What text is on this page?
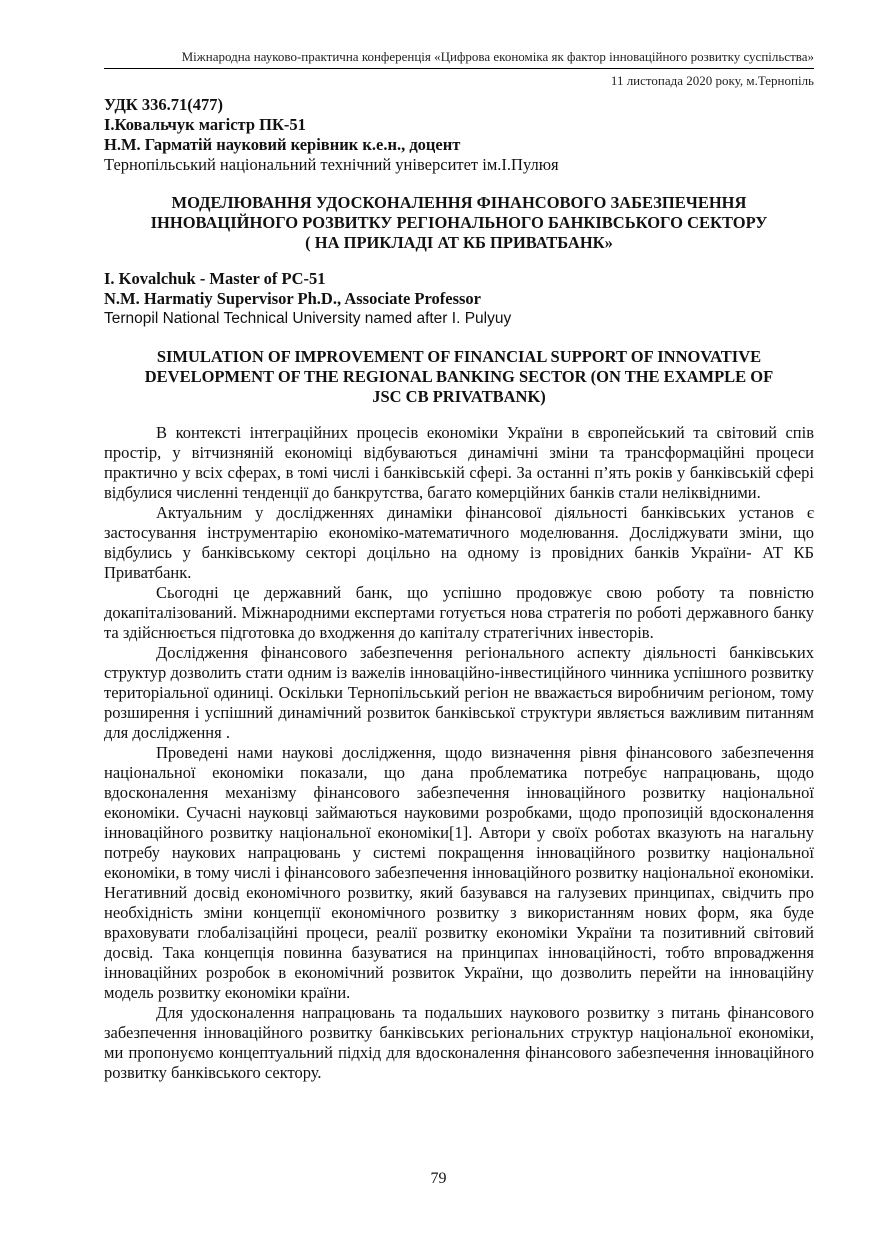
Міжнародна науково-практична конференція «Цифрова економіка як фактор інноваційного розвитку суспільства»
11 листопада 2020 року, м.Тернопіль
УДК 336.71(477)
І.Ковальчук магістр ПК-51
Н.М. Гарматій науковий керівник к.е.н., доцент
Тернопільський національний технічний університет ім.І.Пулюя
МОДЕЛЮВАННЯ УДОСКОНАЛЕННЯ ФІНАНСОВОГО ЗАБЕЗПЕЧЕННЯ
ІННОВАЦІЙНОГО РОЗВИТКУ РЕГІОНАЛЬНОГО БАНКІВСЬКОГО СЕКТОРУ
( НА ПРИКЛАДІ АТ КБ ПРИВАТБАНК»
I. Kovalchuk - Master of PC-51
N.M. Harmatiy Supervisor Ph.D., Associate Professor
Ternopil National Technical University named after I. Pulyuy
SIMULATION OF IMPROVEMENT OF FINANCIAL SUPPORT OF INNOVATIVE
DEVELOPMENT OF THE REGIONAL BANKING SECTOR (ON THE EXAMPLE OF
JSC CB PRIVATBANK)

В контексті інтеграційних процесів економіки України в європейський та світовий спів простір, у вітчизняній економіці відбуваються динамічні зміни та трансформаційні процеси практично у всіх сферах, в томі числі і банківській сфері. За останні п’ять років у банківській сфері відбулися численні тенденції до банкрутства, багато комерційних банків стали неліквідними.

Актуальним у дослідженнях динаміки фінансової діяльності банківських установ є застосування інструментарію економіко-математичного моделювання. Досліджувати зміни, що відбулись у банківському секторі доцільно на одному із провідних банків України- АТ КБ Приватбанк.

Сьогодні це державний банк, що успішно продовжує свою роботу та повністю докапіталізований. Міжнародними експертами готується нова стратегія по роботі державного банку та здійснюється підготовка до входження до капіталу стратегічних інвесторів.

Дослідження фінансового забезпечення регіонального аспекту діяльності банківських структур дозволить стати одним із важелів інноваційно-інвестиційного чинника успішного розвитку територіальної одиниці. Оскільки Тернопільський регіон не вважається виробничим регіоном, тому розширення і успішний динамічний розвиток банківської структури являється важливим питанням для дослідження .

Проведені нами наукові дослідження, щодо визначення рівня фінансового забезпечення національної економіки показали, що дана проблематика потребує напрацювань, щодо вдосконалення механізму фінансового забезпечення інноваційного розвитку національної економіки. Сучасні науковці займаються науковими розробками, щодо пропозицій вдосконалення інноваційного розвитку національної економіки[1]. Автори у своїх роботах вказують на нагальну потребу наукових напрацювань у системі покращення інноваційного розвитку національної економіки, в тому числі і фінансового забезпечення інноваційного розвитку національної економіки. Негативний досвід економічного розвитку, який базувався на галузевих принципах, свідчить про необхідність зміни концепції економічного розвитку з використанням нових форм, яка буде враховувати глобалізаційні процеси, реалії розвитку економіки України та позитивний світовий досвід. Така концепція повинна базуватися на принципах інноваційності, тобто впровадження інноваційних розробок в економічний розвиток України, що дозволить перейти на інноваційну модель розвитку економіки країни.

Для удосконалення напрацювань та подальших наукового розвитку з питань фінансового забезпечення інноваційного розвитку банківських регіональних структур національної економіки, ми пропонуємо концептуальний підхід для вдосконалення фінансового забезпечення інноваційного розвитку банківського сектору.

79
